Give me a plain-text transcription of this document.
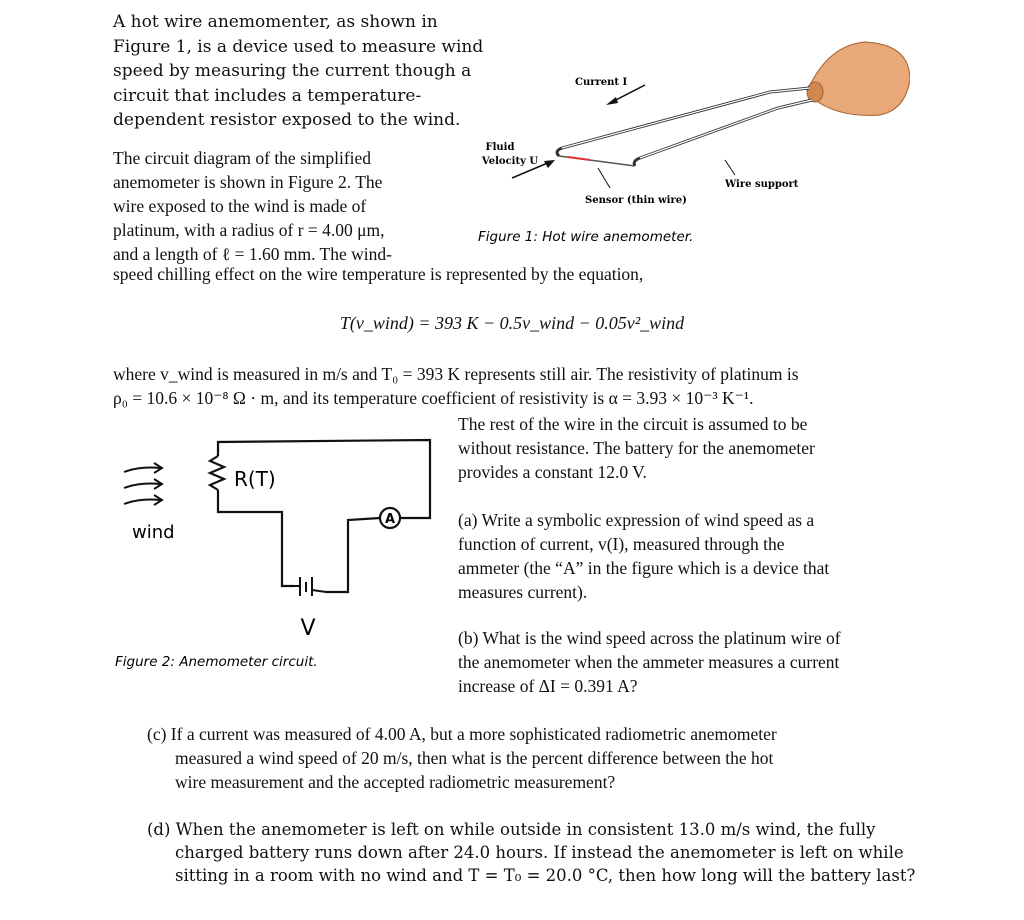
A hot wire anemomenter, as shown in
Figure 1, is a device used to measure wind
speed by measuring the current though a
circuit that includes a temperature-
dependent resistor exposed to the wind.
The circuit diagram of the simplified
anemometer is shown in Figure 2. The
wire exposed to the wind is made of
platinum, with a radius of r = 4.00 μm,
and a length of ℓ = 1.60 mm. The wind-
speed chilling effect on the wire temperature is represented by the equation,
T(v_wind) = 393 K − 0.5v_wind − 0.05v²_wind
where v_wind is measured in m/s and T₀ = 393 K represents still air. The resistivity of platinum is
ρ₀ = 10.6 × 10⁻⁸ Ω · m, and its temperature coefficient of resistivity is α = 3.93 × 10⁻³ K⁻¹.
The rest of the wire in the circuit is assumed to be
without resistance. The battery for the anemometer
provides a constant 12.0 V.
(a) Write a symbolic expression of wind speed as a
function of current, v(I), measured through the
ammeter (the “A” in the figure which is a device that
measures current).
(b) What is the wind speed across the platinum wire of
the anemometer when the ammeter measures a current
increase of ΔI = 0.391 A?
(c) If a current was measured of 4.00 A, but a more sophisticated radiometric anemometer
measured a wind speed of 20 m/s, then what is the percent difference between the hot
wire measurement and the accepted radiometric measurement?
(d) When the anemometer is left on while outside in consistent 13.0 m/s wind, the fully
charged battery runs down after 24.0 hours. If instead the anemometer is left on while
sitting in a room with no wind and T = T₀ = 20.0 °C, then how long will the battery last?
Current I
Fluid
Velocity U
Wire support
Sensor (thin wire)
Figure 1: Hot wire anemometer.
A
R(T)
V
wind
Figure 2: Anemometer circuit.
